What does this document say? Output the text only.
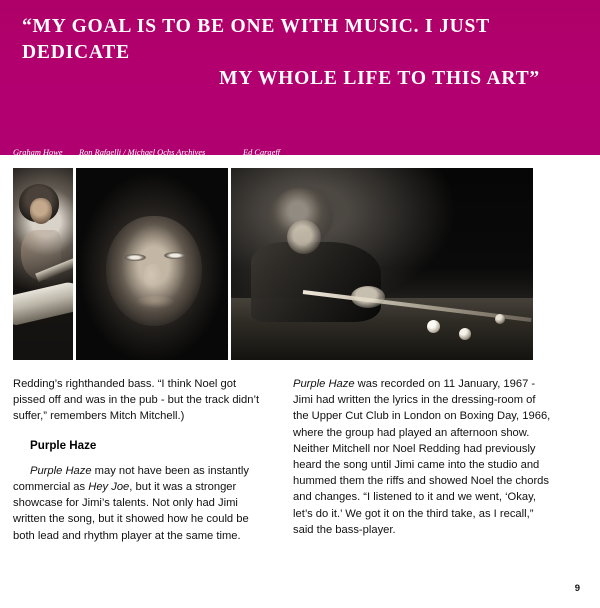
“MY GOAL IS TO BE ONE WITH MUSIC. I JUST DEDICATE
MY WHOLE LIFE TO THIS ART”
Graham Howe Ron Rafaelli / Michael Ochs Archives	Ed Caraeff

Redding’s righthanded bass. “I think Noel got pissed off and was in the pub - but the track didn’t suffer,” remembers Mitch Mitchell.)

Purple Haze

Purple Haze may not have been as instantly commercial as Hey Joe, but it was a stronger showcase for Jimi’s talents. Not only had Jimi written the song, but it showed how he could be both lead and rhythm player at the same time.

Purple Haze was recorded on 11 January, 1967 - Jimi had written the lyrics in the dressing-room of the Upper Cut Club in London on Boxing Day, 1966, where the group had played an afternoon show. Neither Mitchell nor Noel Redding had previously heard the song until Jimi came into the studio and hummed them the riffs and showed Noel the chords and changes. “I listened to it and we went, ‘Okay, let’s do it.’ We got it on the third take, as I recall,” said the bass-player.

9
